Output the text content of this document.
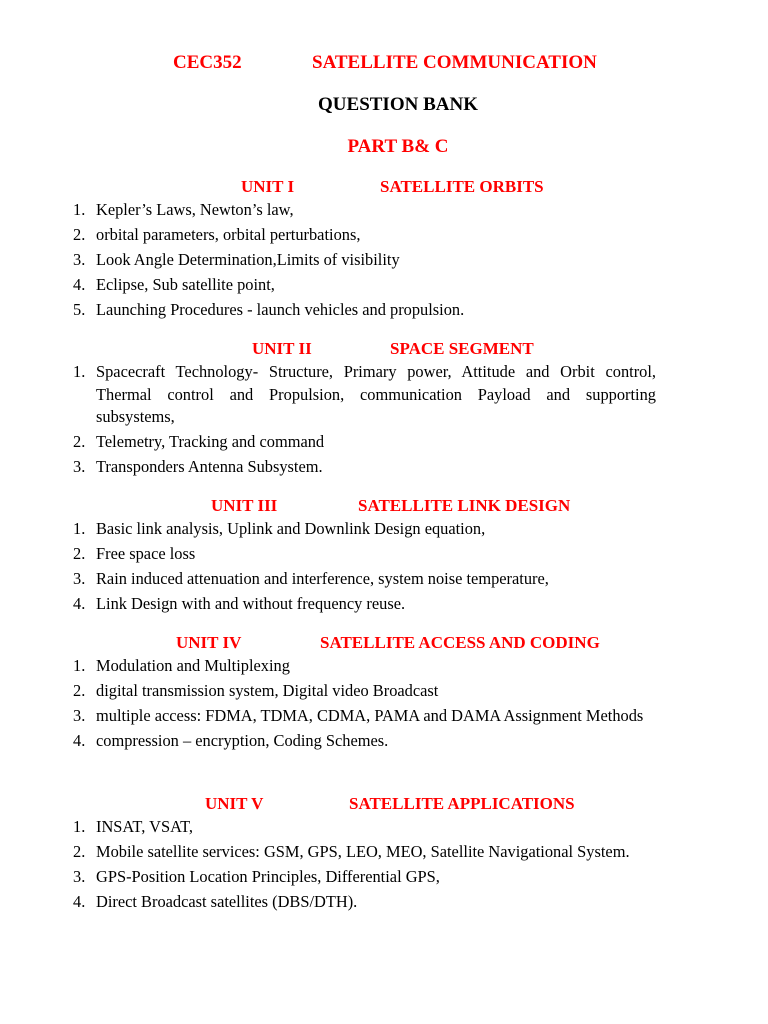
CEC352	SATELLITE COMMUNICATION
QUESTION BANK
PART B& C
UNIT I	SATELLITE ORBITS
1. Kepler’s Laws, Newton’s law,
2. orbital parameters, orbital perturbations,
3. Look Angle Determination,Limits of visibility
4. Eclipse, Sub satellite point,
5. Launching Procedures - launch vehicles and propulsion.
UNIT II	SPACE SEGMENT
1. Spacecraft Technology- Structure, Primary power, Attitude and Orbit control, Thermal control and Propulsion, communication Payload and supporting subsystems,
2. Telemetry, Tracking and command
3. Transponders Antenna Subsystem.
UNIT III	SATELLITE LINK DESIGN
1. Basic link analysis, Uplink and Downlink Design equation,
2. Free space loss
3. Rain induced attenuation and interference, system noise temperature,
4. Link Design with and without frequency reuse.
UNIT IV	SATELLITE ACCESS AND CODING
1. Modulation and Multiplexing
2. digital transmission system, Digital video Broadcast
3. multiple access: FDMA, TDMA, CDMA, PAMA and DAMA Assignment Methods
4. compression – encryption, Coding Schemes.
UNIT V	SATELLITE APPLICATIONS
1. INSAT, VSAT,
2. Mobile satellite services: GSM, GPS, LEO, MEO, Satellite Navigational System.
3. GPS-Position Location Principles, Differential GPS,
4. Direct Broadcast satellites (DBS/DTH).
